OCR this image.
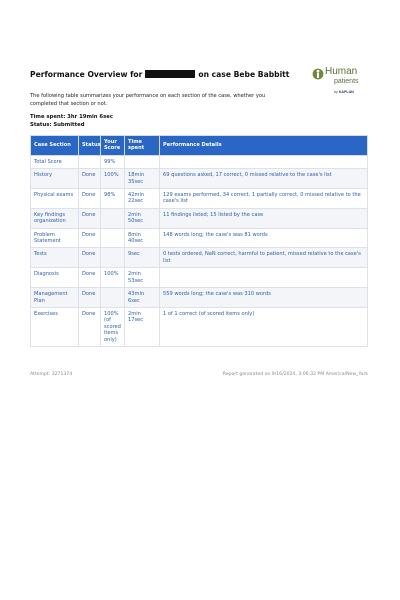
Performance Overview for	on case Bebe Babbitt	Human
patients
by KAPLAN
The following table summarizes your performance on each section of the case, whether you completed that section or not.
Time spent: 3hr 19min 6sec
Status: Submitted
Case Section	Status	Your Score	Time spent	Performance Details
Total Score		99%		
History	Done	100%	18min 35sec	69 questions asked, 17 correct, 0 missed relative to the case's list
Physical exams	Done	98%	42min 22sec	129 exams performed, 34 correct, 1 partially correct, 0 missed relative to the case's list
Key findings organization	Done		2min 50sec	11 findings listed; 15 listed by the case
Problem Statement	Done		8min 40sec	148 words long; the case's was 81 words
Tests	Done		9sec	0 tests ordered, NaN correct, harmful to patient, missed relative to the case's list
Diagnosis	Done	100%	2min 53sec	
Management Plan	Done		43min 6sec	559 words long; the case's was 310 words
Exercises	Done	100% (of scored items only)	2min 17sec	1 of 1 correct (of scored items only)
Attempt: 3271374	Report generated on 9/16/2024, 3:06:32 PM America/New_York
